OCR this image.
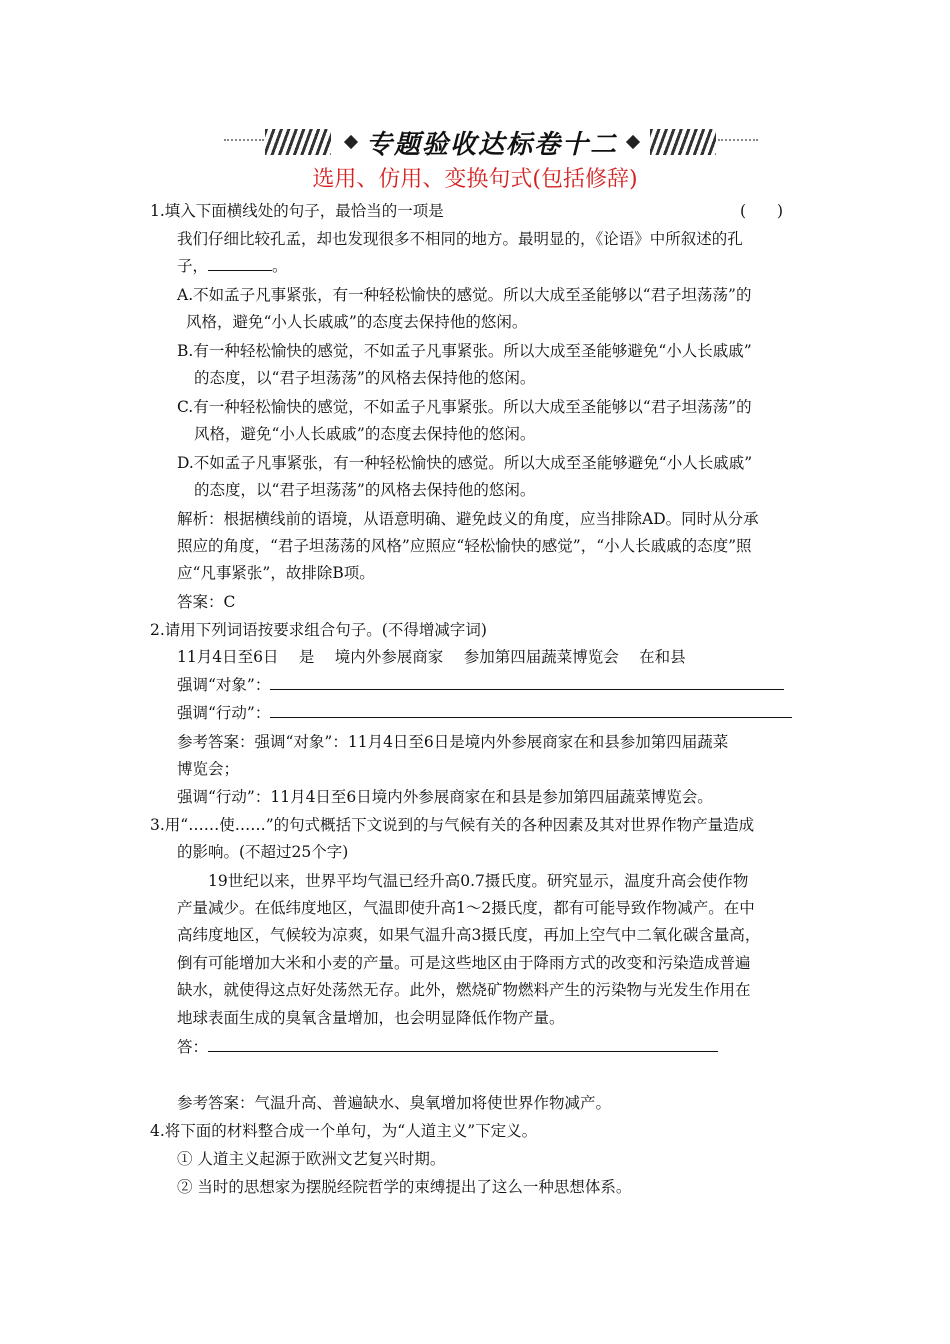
专题验收达标卷十二
选用、仿用、变换句式(包括修辞)
1.填入下面横线处的句子，最恰当的一项是	(　　)
我们仔细比较孔孟，却也发现很多不相同的地方。最明显的，《论语》中所叙述的孔
子，	。
A.不如孟子凡事紧张，有一种轻松愉快的感觉。所以大成至圣能够以“君子坦荡荡”的
风格，避免“小人长戚戚”的态度去保持他的悠闲。
B.有一种轻松愉快的感觉，不如孟子凡事紧张。所以大成至圣能够避免“小人长戚戚”
的态度，以“君子坦荡荡”的风格去保持他的悠闲。
C.有一种轻松愉快的感觉，不如孟子凡事紧张。所以大成至圣能够以“君子坦荡荡”的
风格，避免“小人长戚戚”的态度去保持他的悠闲。
D.不如孟子凡事紧张，有一种轻松愉快的感觉。所以大成至圣能够避免“小人长戚戚”
的态度，以“君子坦荡荡”的风格去保持他的悠闲。
解析：根据横线前的语境，从语意明确、避免歧义的角度，应当排除AD。同时从分承
照应的角度，“君子坦荡荡的风格”应照应“轻松愉快的感觉”，“小人长戚戚的态度”照
应“凡事紧张”，故排除B项。
答案：C
2.请用下列词语按要求组合句子。(不得增减字词)
11月4日至6日　 是　 境内外参展商家　 参加第四届蔬菜博览会　 在和县
强调“对象”：
强调“行动”：
参考答案：强调“对象”：11月4日至6日是境内外参展商家在和县参加第四届蔬菜
博览会；
强调“行动”：11月4日至6日境内外参展商家在和县是参加第四届蔬菜博览会。
3.用“……使……”的句式概括下文说到的与气候有关的各种因素及其对世界作物产量造成
的影响。(不超过25个字)
19世纪以来，世界平均气温已经升高0.7摄氏度。研究显示，温度升高会使作物
产量减少。在低纬度地区，气温即使升高1～2摄氏度，都有可能导致作物减产。在中
高纬度地区，气候较为凉爽，如果气温升高3摄氏度，再加上空气中二氧化碳含量高，
倒有可能增加大米和小麦的产量。可是这些地区由于降雨方式的改变和污染造成普遍
缺水，就使得这点好处荡然无存。此外，燃烧矿物燃料产生的污染物与光发生作用在
地球表面生成的臭氧含量增加，也会明显降低作物产量。
答：
参考答案：气温升高、普遍缺水、臭氧增加将使世界作物减产。
4.将下面的材料整合成一个单句，为“人道主义”下定义。
① 人道主义起源于欧洲文艺复兴时期。
② 当时的思想家为摆脱经院哲学的束缚提出了这么一种思想体系。
